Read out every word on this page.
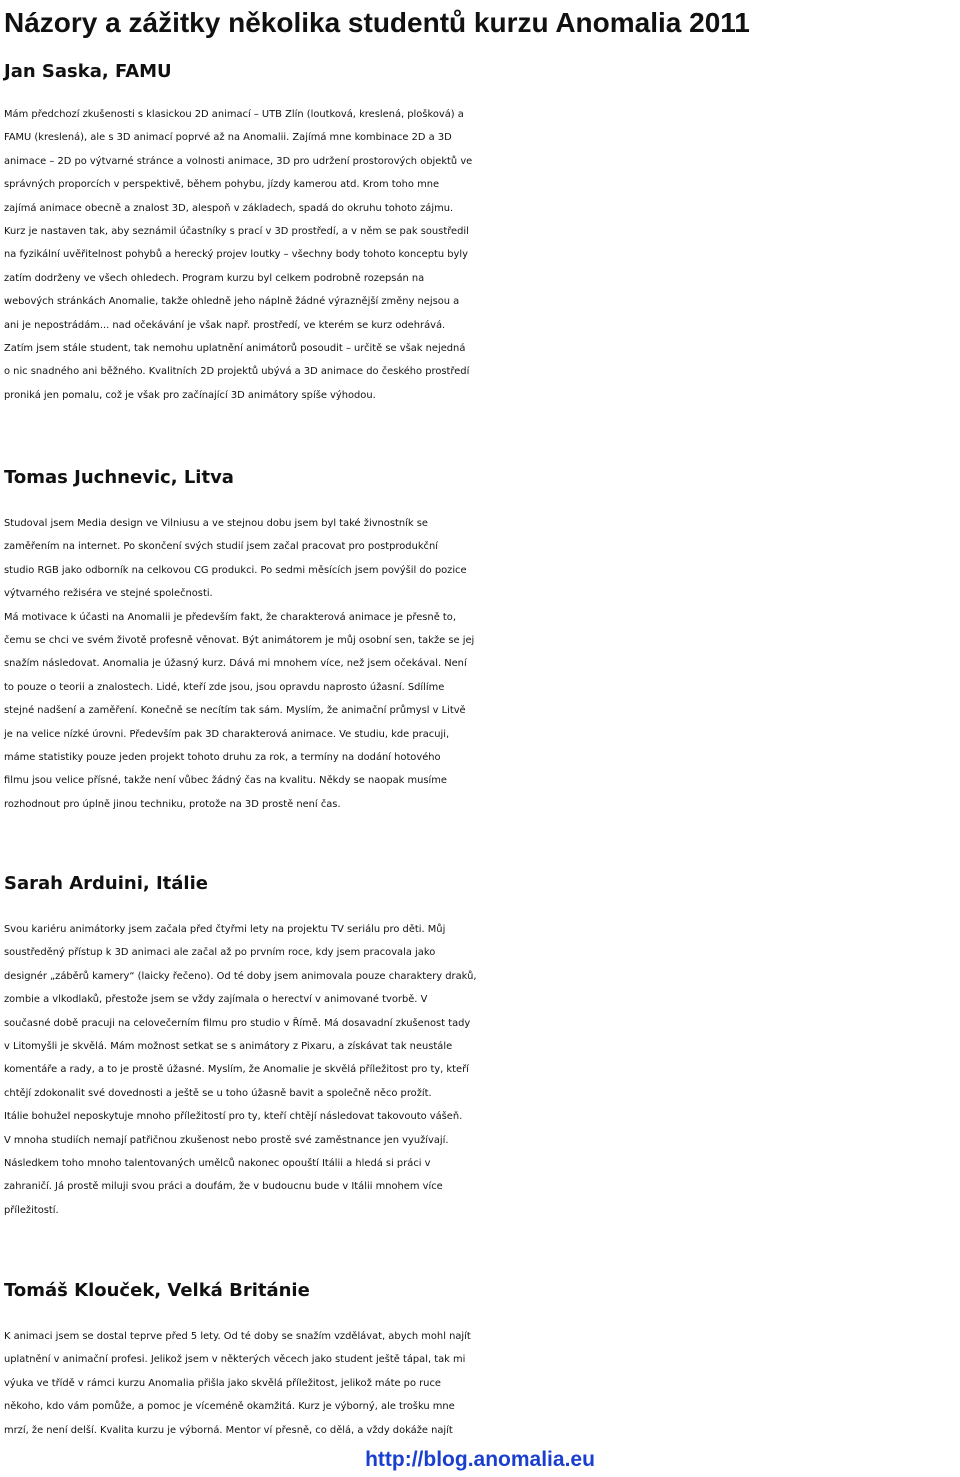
Názory a zážitky několika studentů kurzu Anomalia 2011
Jan Saska, FAMU
Mám předchozí zkušenosti s klasickou 2D animací – UTB Zlín (loutková, kreslená, plošková) a
FAMU (kreslená), ale s 3D animací poprvé až na Anomalii. Zajímá mne kombinace 2D a 3D
animace – 2D po výtvarné stránce a volnosti animace, 3D pro udržení prostorových objektů ve
správných proporcích v perspektivě, během pohybu, jízdy kamerou atd. Krom toho mne
zajímá animace obecně a znalost 3D, alespoň v základech, spadá do okruhu tohoto zájmu.
Kurz je nastaven tak, aby seznámil účastníky s prací v 3D prostředí, a v něm se pak soustředil
na fyzikální uvěřitelnost pohybů a herecký projev loutky – všechny body tohoto konceptu byly
zatím dodrženy ve všech ohledech. Program kurzu byl celkem podrobně rozepsán na
webových stránkách Anomalie, takže ohledně jeho náplně žádné výraznější změny nejsou a
ani je nepostrádám... nad očekávání je však např. prostředí, ve kterém se kurz odehrává.
Zatím jsem stále student, tak nemohu uplatnění animátorů posoudit – určitě se však nejedná
o nic snadného ani běžného. Kvalitních 2D projektů ubývá a 3D animace do českého prostředí
proniká jen pomalu, což je však pro začínající 3D animátory spíše výhodou.
Tomas Juchnevic, Litva
Studoval jsem Media design ve Vilniusu a ve stejnou dobu jsem byl také živnostník se
zaměřením na internet. Po skončení svých studií jsem začal pracovat pro postprodukční
studio RGB jako odborník na celkovou CG produkci. Po sedmi měsících jsem povýšil do pozice
výtvarného režiséra ve stejné společnosti.
Má motivace k účasti na Anomalii je především fakt, že charakterová animace je přesně to,
čemu se chci ve svém životě profesně věnovat. Být animátorem je můj osobní sen, takže se jej
snažím následovat. Anomalia je úžasný kurz. Dává mi mnohem více, než jsem očekával. Není
to pouze o teorii a znalostech. Lidé, kteří zde jsou, jsou opravdu naprosto úžasní. Sdílíme
stejné nadšení a zaměření. Konečně se necítím tak sám. Myslím, že animační průmysl v Litvě
je na velice nízké úrovni. Především pak 3D charakterová animace. Ve studiu, kde pracuji,
máme statistiky pouze jeden projekt tohoto druhu za rok, a termíny na dodání hotového
filmu jsou velice přísné, takže není vůbec žádný čas na kvalitu. Někdy se naopak musíme
rozhodnout pro úplně jinou techniku, protože na 3D prostě není čas.
Sarah Arduini, Itálie
Svou kariéru animátorky jsem začala před čtyřmi lety na projektu TV seriálu pro děti. Můj
soustředěný přístup k 3D animaci ale začal až po prvním roce, kdy jsem pracovala jako
designér „záběrů kamery“ (laicky řečeno). Od té doby jsem animovala pouze charaktery draků,
zombie a vlkodlaků, přestože jsem se vždy zajímala o herectví v animované tvorbě. V
současné době pracuji na celovečerním filmu pro studio v Římě. Má dosavadní zkušenost tady
v Litomyšli je skvělá. Mám možnost setkat se s animátory z Pixaru, a získávat tak neustále
komentáře a rady, a to je prostě úžasné. Myslím, že Anomalie je skvělá příležitost pro ty, kteří
chtějí zdokonalit své dovednosti a ještě se u toho úžasně bavit a společně něco prožít.
Itálie bohužel neposkytuje mnoho příležitostí pro ty, kteří chtějí následovat takovouto vášeň.
V mnoha studiích nemají patřičnou zkušenost nebo prostě své zaměstnance jen využívají.
Následkem toho mnoho talentovaných umělců nakonec opouští Itálii a hledá si práci v
zahraničí. Já prostě miluji svou práci a doufám, že v budoucnu bude v Itálii mnohem více
příležitostí.
Tomáš Klouček, Velká Británie
K animaci jsem se dostal teprve před 5 lety. Od té doby se snažím vzdělávat, abych mohl najít
uplatnění v animační profesi. Jelikož jsem v některých věcech jako student ještě tápal, tak mi
výuka ve třídě v rámci kurzu Anomalia přišla jako skvělá příležitost, jelikož máte po ruce
někoho, kdo vám pomůže, a pomoc je víceméně okamžitá. Kurz je výborný, ale trošku mne
mrzí, že není delší. Kvalita kurzu je výborná. Mentor ví přesně, co dělá, a vždy dokáže najít
http://blog.anomalia.eu
